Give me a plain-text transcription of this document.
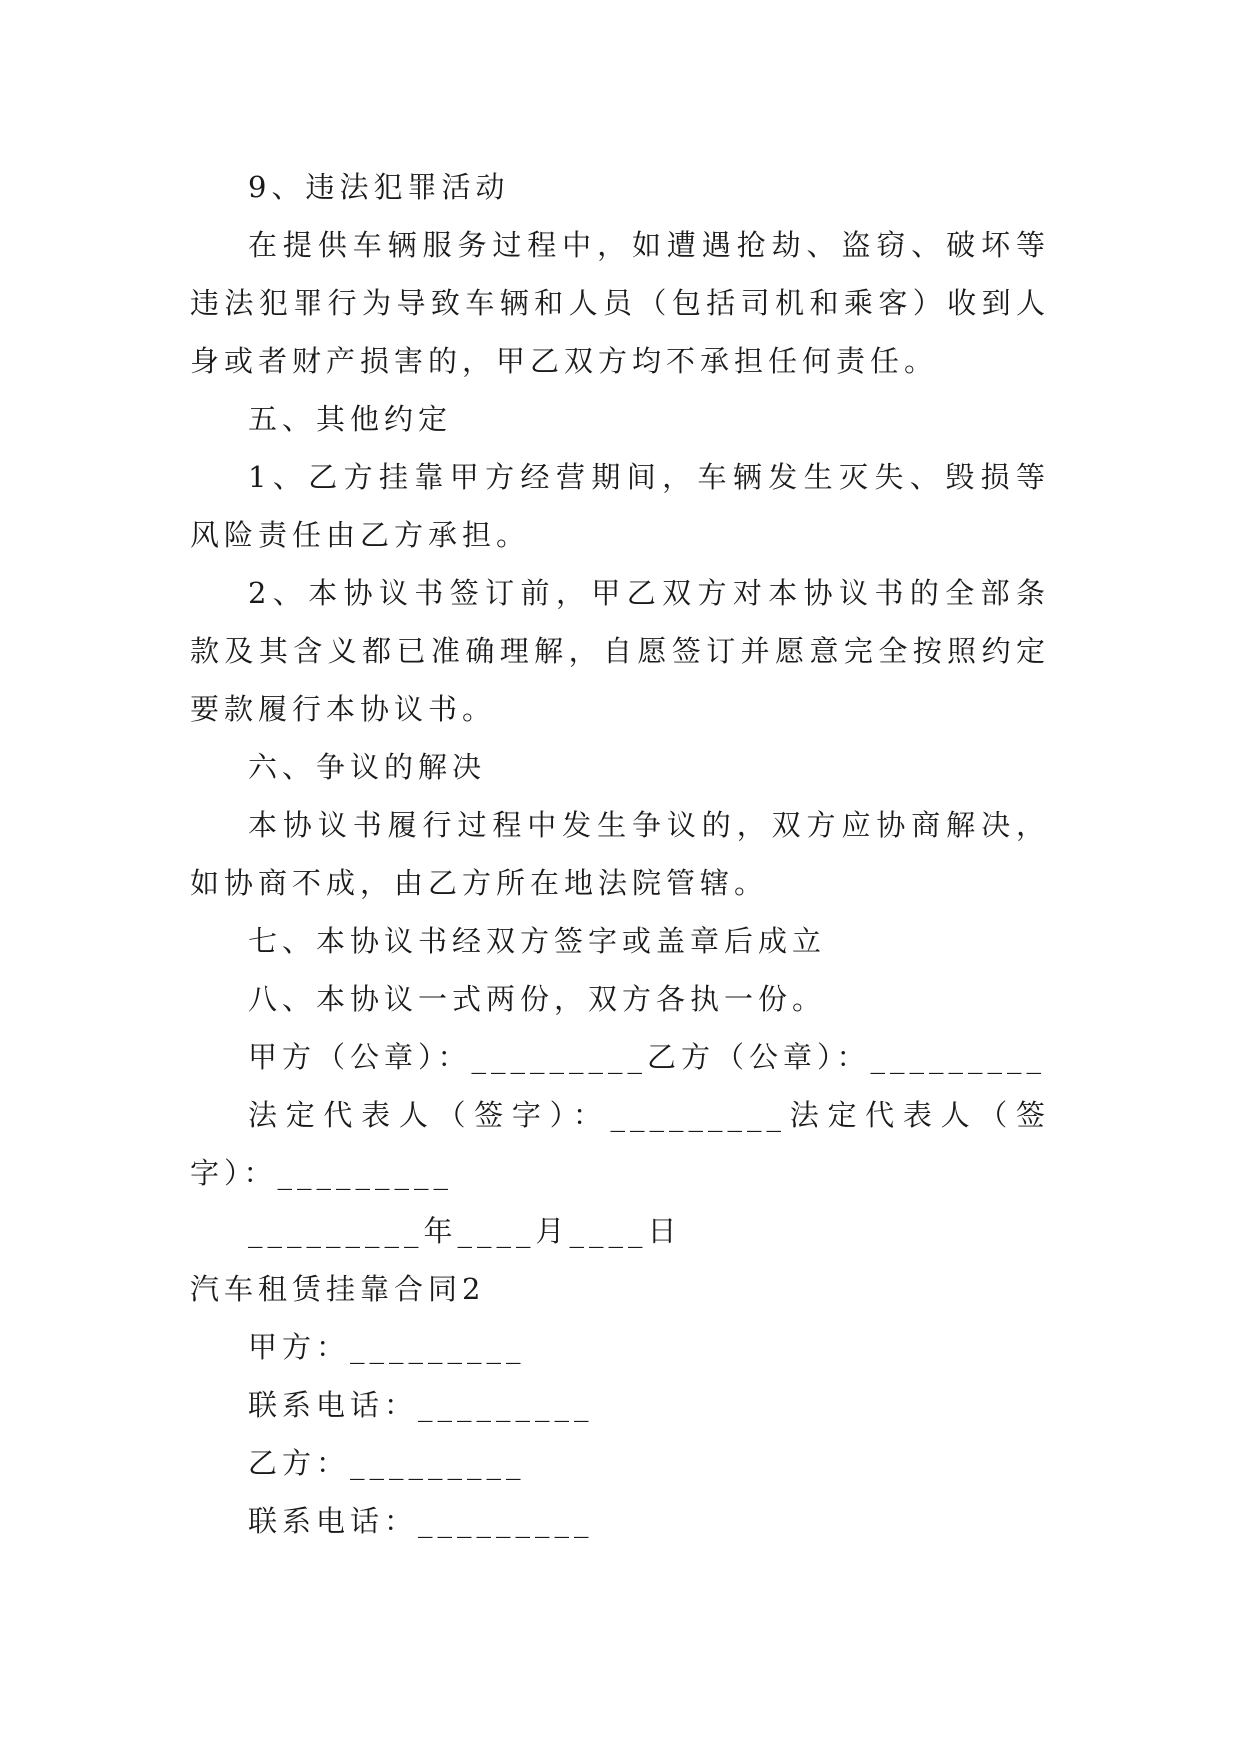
9、违法犯罪活动

在提供车辆服务过程中，如遭遇抢劫、盗窃、破坏等违法犯罪行为导致车辆和人员（包括司机和乘客）收到人身或者财产损害的，甲乙双方均不承担任何责任。

五、其他约定

1、乙方挂靠甲方经营期间，车辆发生灭失、毁损等风险责任由乙方承担。

2、本协议书签订前，甲乙双方对本协议书的全部条款及其含义都已准确理解，自愿签订并愿意完全按照约定要款履行本协议书。

六、争议的解决

本协议书履行过程中发生争议的，双方应协商解决，如协商不成，由乙方所在地法院管辖。

七、本协议书经双方签字或盖章后成立

八、本协议一式两份，双方各执一份。

甲方（公章）：_________乙方（公章）：_________

法定代表人（签字）：_________法定代表人（签字）：_________

_________年____月____日

汽车租赁挂靠合同2

甲方：_________

联系电话：_________

乙方：_________

联系电话：_________
